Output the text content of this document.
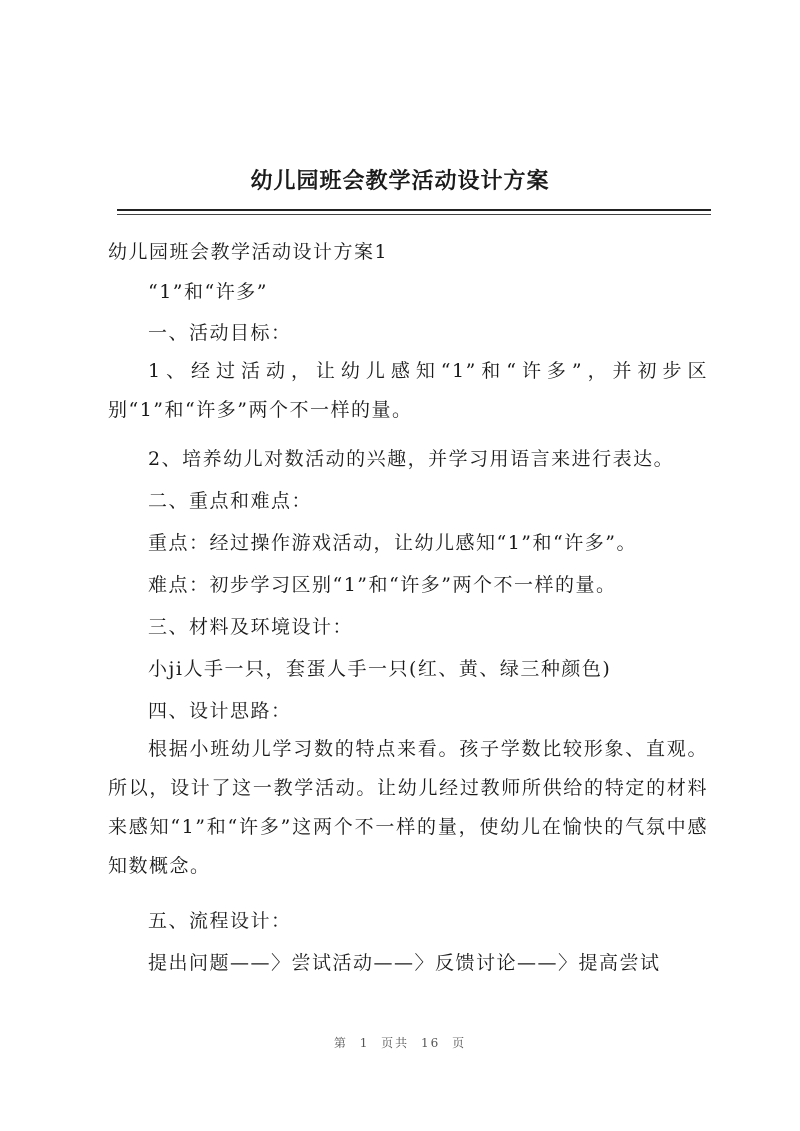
幼儿园班会教学活动设计方案
幼儿园班会教学活动设计方案1
“1”和“许多”
一、活动目标：
1、经过活动，让幼儿感知“1”和“许多”，并初步区别“1”和“许多”两个不一样的量。
2、培养幼儿对数活动的兴趣，并学习用语言来进行表达。
二、重点和难点：
重点：经过操作游戏活动，让幼儿感知“1”和“许多”。
难点：初步学习区别“1”和“许多”两个不一样的量。
三、材料及环境设计：
小ji人手一只，套蛋人手一只(红、黄、绿三种颜色)
四、设计思路：
根据小班幼儿学习数的特点来看。孩子学数比较形象、直观。所以，设计了这一教学活动。让幼儿经过教师所供给的特定的材料来感知“1”和“许多”这两个不一样的量，使幼儿在愉快的气氛中感知数概念。
五、流程设计：
提出问题——〉尝试活动——〉反馈讨论——〉提高尝试
第 1 页共 16 页
